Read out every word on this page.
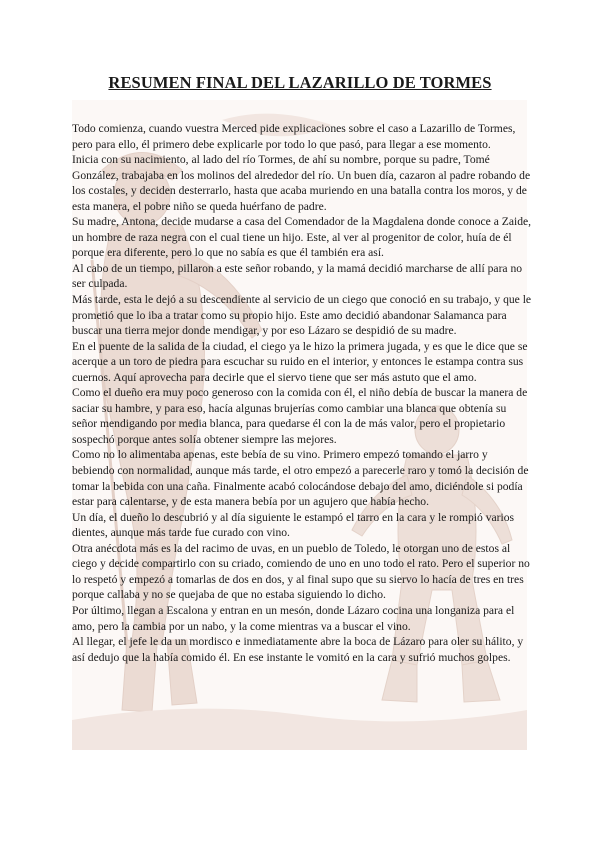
RESUMEN FINAL DEL LAZARILLO DE TORMES

Todo comienza, cuando vuestra Merced pide explicaciones sobre el caso a Lazarillo de Tormes, pero para ello, él primero debe explicarle por todo lo que pasó, para llegar a ese momento.

Inicia con su nacimiento, al lado del río Tormes, de ahí su nombre, porque su padre, Tomé González, trabajaba en los molinos del alrededor del río. Un buen día, cazaron al padre robando de los costales, y deciden desterrarlo, hasta que acaba muriendo en una batalla contra los moros, y de esta manera, el pobre niño se queda huérfano de padre.

Su madre, Antona, decide mudarse a casa del Comendador de la Magdalena donde conoce a Zaide, un hombre de raza negra con el cual tiene un hijo. Este, al ver al progenitor de color, huía de él porque era diferente, pero lo que no sabía es que él también era así.

Al cabo de un tiempo, pillaron a este señor robando, y la mamá decidió marcharse de allí para no ser culpada.

Más tarde, esta le dejó a su descendiente al servicio de un ciego que conoció en su trabajo, y que le prometió que lo iba a tratar como su propio hijo. Este amo decidió abandonar Salamanca para buscar una tierra mejor donde mendigar, y por eso Lázaro se despidió de su madre.

En el puente de la salida de la ciudad, el ciego ya le hizo la primera jugada, y es que le dice que se acerque a un toro de piedra para escuchar su ruido en el interior, y entonces le estampa contra sus cuernos. Aquí aprovecha para decirle que el siervo tiene que ser más astuto que el amo.

Como el dueño era muy poco generoso con la comida con él, el niño debía de buscar la manera de saciar su hambre, y para eso, hacía algunas brujerías como cambiar una blanca que obtenía su señor mendigando por media blanca, para quedarse él con la de más valor, pero el propietario sospechó porque antes solía obtener siempre las mejores.

Como no lo alimentaba apenas, este bebía de su vino. Primero empezó tomando el jarro y bebiendo con normalidad, aunque más tarde, el otro empezó a parecerle raro y tomó la decisión de tomar la bebida con una caña. Finalmente acabó colocándose debajo del amo, diciéndole si podía estar para calentarse, y de esta manera bebía por un agujero que había hecho.

Un día, el dueño lo descubrió y al día siguiente le estampó el tarro en la cara y le rompió varios dientes, aunque más tarde fue curado con vino.

Otra anécdota más es la del racimo de uvas, en un pueblo de Toledo, le otorgan uno de estos al ciego y decide compartirlo con su criado, comiendo de uno en uno todo el rato. Pero el superior no lo respetó y empezó a tomarlas de dos en dos, y al final supo que su siervo lo hacía de tres en tres porque callaba y no se quejaba de que no estaba siguiendo lo dicho.

Por último, llegan a Escalona y entran en un mesón, donde Lázaro cocina una longaniza para el amo, pero la cambia por un nabo, y la come mientras va a buscar el vino.

Al llegar, el jefe le da un mordisco e inmediatamente abre la boca de Lázaro para oler su hálito, y así dedujo que la había comido él. En ese instante le vomitó en la cara y sufrió muchos golpes.
